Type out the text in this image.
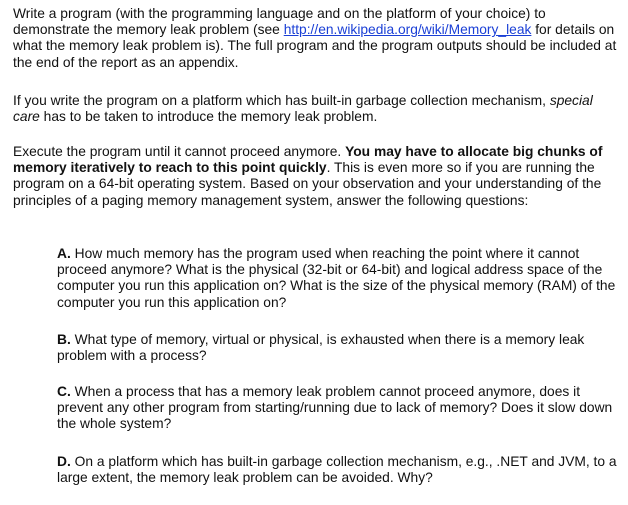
Write a program (with the programming language and on the platform of your choice) to demonstrate the memory leak problem (see http://en.wikipedia.org/wiki/Memory_leak for details on what the memory leak problem is). The full program and the program outputs should be included at the end of the report as an appendix.

If you write the program on a platform which has built-in garbage collection mechanism, special care has to be taken to introduce the memory leak problem.

Execute the program until it cannot proceed anymore. You may have to allocate big chunks of memory iteratively to reach to this point quickly. This is even more so if you are running the program on a 64-bit operating system. Based on your observation and your understanding of the principles of a paging memory management system, answer the following questions:

A. How much memory has the program used when reaching the point where it cannot proceed anymore? What is the physical (32-bit or 64-bit) and logical address space of the computer you run this application on? What is the size of the physical memory (RAM) of the computer you run this application on?

B. What type of memory, virtual or physical, is exhausted when there is a memory leak problem with a process?

C. When a process that has a memory leak problem cannot proceed anymore, does it prevent any other program from starting/running due to lack of memory? Does it slow down the whole system?

D. On a platform which has built-in garbage collection mechanism, e.g., .NET and JVM, to a large extent, the memory leak problem can be avoided. Why?
